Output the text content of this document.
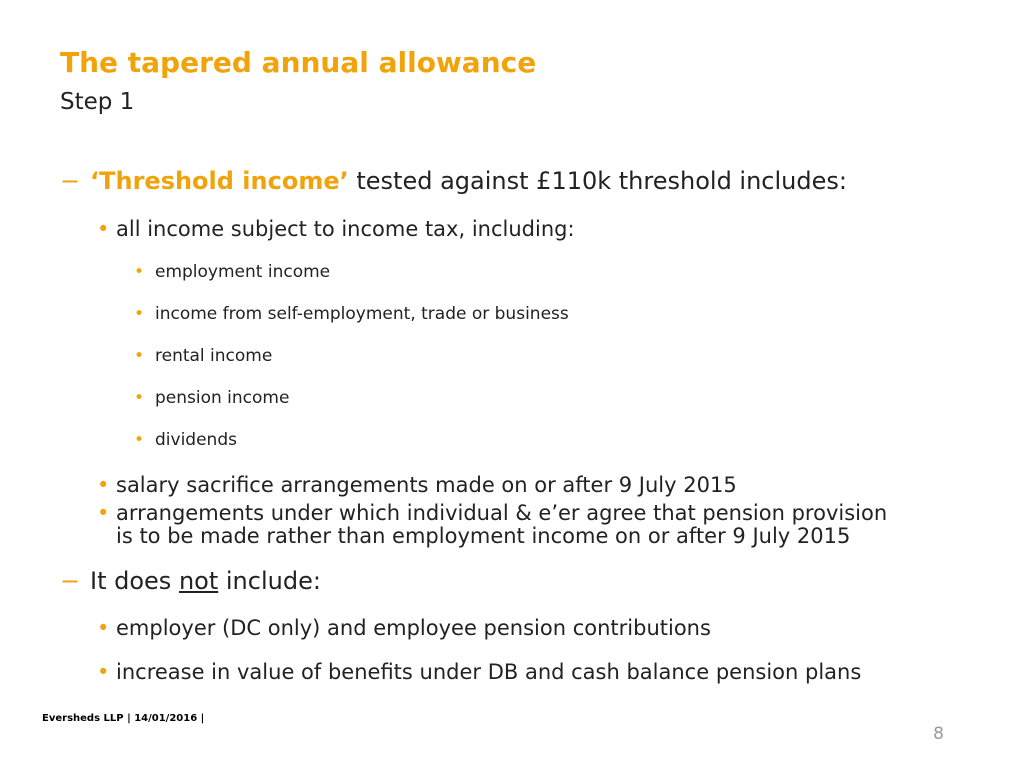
The tapered annual allowance
Step 1
− ‘Threshold income’ tested against £110k threshold includes:
• all income subject to income tax, including:
• employment income
• income from self-employment, trade or business
• rental income
• pension income
• dividends
• salary sacrifice arrangements made on or after 9 July 2015
• arrangements under which individual & e’er agree that pension provision
is to be made rather than employment income on or after 9 July 2015
− It does not include:
• employer (DC only) and employee pension contributions
• increase in value of benefits under DB and cash balance pension plans
Eversheds LLP | 14/01/2016 |
8
